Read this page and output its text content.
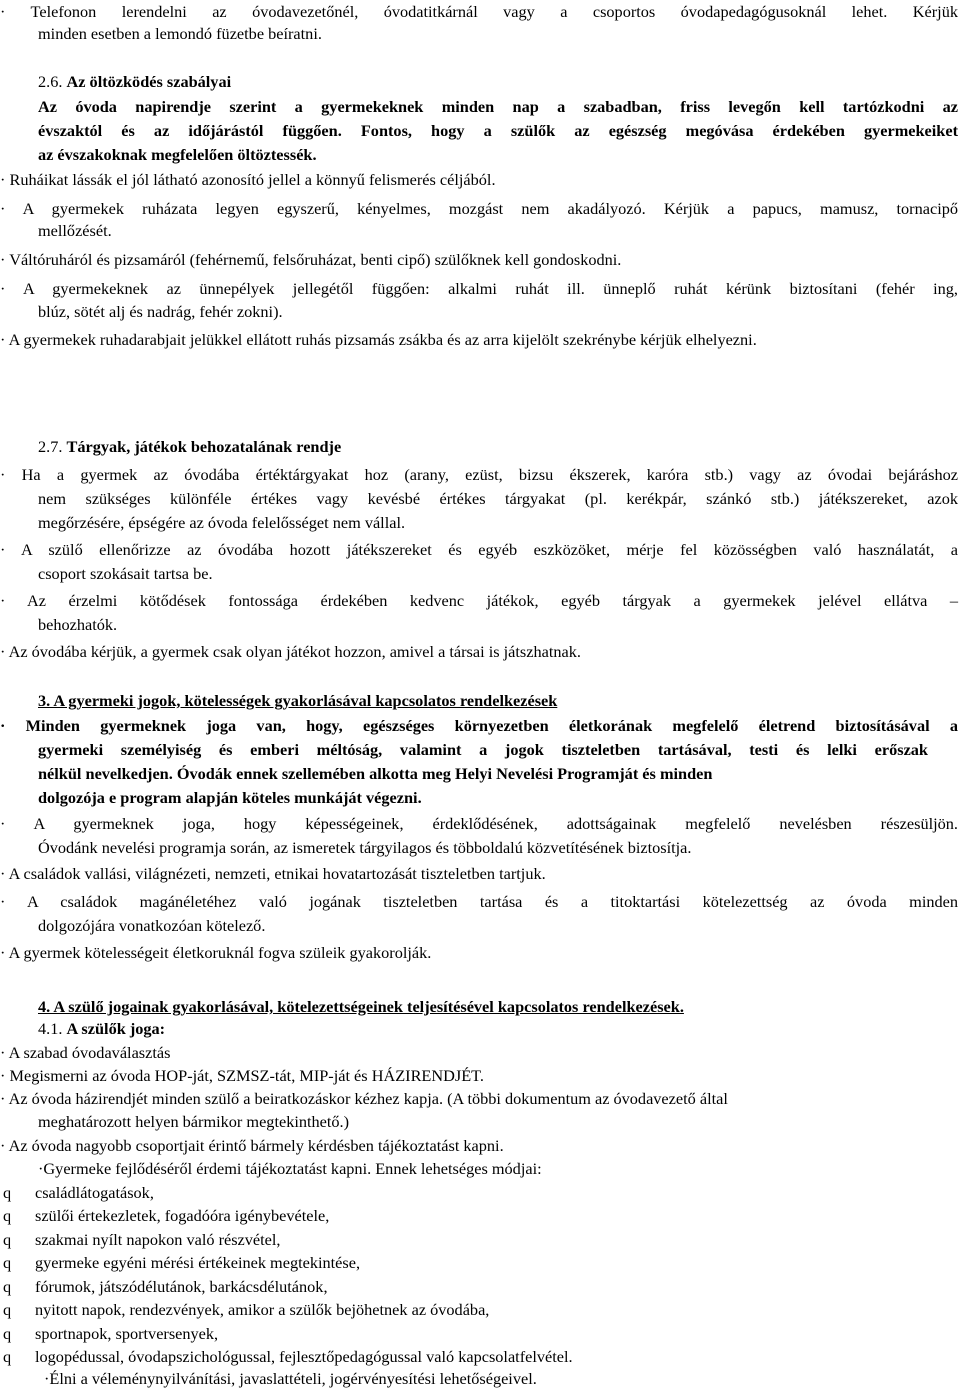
· Telefonon lerendelni az óvodavezetőnél, óvodatitkárnál vagy a csoportos óvodapedagógusoknál lehet. Kérjük
minden esetben a lemondó füzetbe beíratni.
2.6. Az öltözködés szabályai
Az óvoda napirendje szerint a gyermekeknek minden nap a szabadban, friss levegőn kell tartózkodni az
évszaktól és az időjárástól függően. Fontos, hogy a szülők az egészség megóvása érdekében gyermekeiket
az évszakoknak megfelelően öltöztessék.
· Ruháikat lássák el jól látható azonosító jellel a könnyű felismerés céljából.
· A gyermekek ruházata legyen egyszerű, kényelmes, mozgást nem akadályozó. Kérjük a papucs, mamusz, tornacipő
mellőzését.
· Váltóruháról és pizsamáról (fehérnemű, felsőruházat, benti cipő) szülőknek kell gondoskodni.
· A gyermekeknek az ünnepélyek jellegétől függően: alkalmi ruhát ill. ünneplő ruhát kérünk biztosítani (fehér ing,
blúz, sötét alj és nadrág, fehér zokni).
· A gyermekek ruhadarabjait jelükkel ellátott ruhás pizsamás zsákba és az arra kijelölt szekrénybe kérjük elhelyezni.
2.7. Tárgyak, játékok behozatalának rendje
· Ha a gyermek az óvodába értéktárgyakat hoz (arany, ezüst, bizsu ékszerek, karóra stb.) vagy az óvodai bejáráshoz
nem szükséges különféle értékes vagy kevésbé értékes tárgyakat (pl. kerékpár, szánkó stb.) játékszereket, azok
megőrzésére, épségére az óvoda felelősséget nem vállal.
· A szülő ellenőrizze az óvodába hozott játékszereket és egyéb eszközöket, mérje fel közösségben való használatát, a
csoport szokásait tartsa be.
· Az érzelmi kötődések fontossága érdekében kedvenc játékok, egyéb tárgyak a gyermekek jelével ellátva –
behozhatók.
· Az óvodába kérjük, a gyermek csak olyan játékot hozzon, amivel a társai is játszhatnak.
3. A gyermeki jogok, kötelességek gyakorlásával kapcsolatos rendelkezések
· Minden gyermeknek joga van, hogy, egészséges környezetben életkorának megfelelő életrend biztosításával a
gyermeki személyiség és emberi méltóság, valamint a jogok tiszteletben tartásával, testi és lelki erőszak
nélkül nevelkedjen. Óvodák ennek szellemében alkotta meg Helyi Nevelési Programját és minden
dolgozója e program alapján köteles munkáját végezni.
· A gyermeknek joga, hogy képességeinek, érdeklődésének, adottságainak megfelelő nevelésben részesüljön.
Óvodánk nevelési programja során, az ismeretek tárgyilagos és többoldalú közvetítésének biztosítja.
· A családok vallási, világnézeti, nemzeti, etnikai hovatartozását tiszteletben tartjuk.
· A családok magánéletéhez való jogának tiszteletben tartása és a titoktartási kötelezettség az óvoda minden
dolgozójára vonatkozóan kötelező.
· A gyermek kötelességeit életkoruknál fogva szüleik gyakorolják.
4. A szülő jogainak gyakorlásával, kötelezettségeinek teljesítésével kapcsolatos rendelkezések.
4.1. A szülők joga:
· A szabad óvodaválasztás
· Megismerni az óvoda HOP-ját, SZMSZ-tát, MIP-ját és HÁZIRENDJÉT.
· Az óvoda házirendjét minden szülő a beiratkozáskor kézhez kapja. (A többi dokumentum az óvodavezető által
meghatározott helyen bármikor megtekinthető.)
· Az óvoda nagyobb csoportjait érintő bármely kérdésben tájékoztatást kapni.
·Gyermeke fejlődéséről érdemi tájékoztatást kapni. Ennek lehetséges módjai:
q családlátogatások,
q szülői értekezletek, fogadóóra igénybevétele,
q szakmai nyílt napokon való részvétel,
q gyermeke egyéni mérési értékeinek megtekintése,
q fórumok, játszódélutánok, barkácsdélutánok,
q nyitott napok, rendezvények, amikor a szülők bejöhetnek az óvodába,
q sportnapok, sportversenyek,
q logopédussal, óvodapszichológussal, fejlesztőpedagógussal való kapcsolatfelvétel.
·Élni a véleménynyilvánítási, javaslattételi, jogérvényesítési lehetőségeivel.
